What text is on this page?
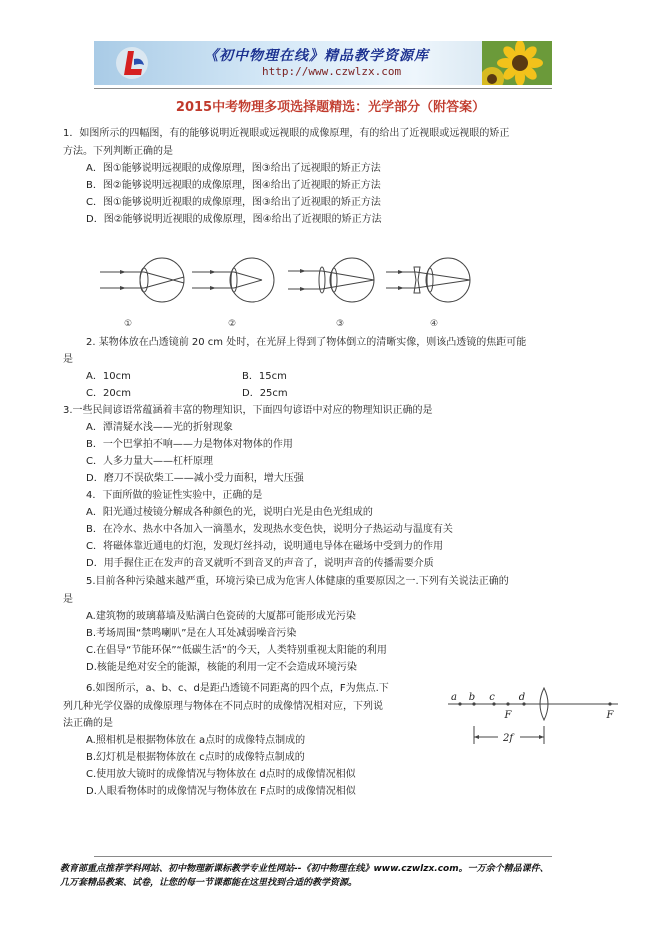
《初中物理在线》精品教学资源库
http://www.czwlzx.com
2015中考物理多项选择题精选：光学部分（附答案）
1．如图所示的四幅图，有的能够说明近视眼或远视眼的成像原理，有的给出了近视眼或远视眼的矫正
方法。下列判断正确的是
A．图①能够说明远视眼的成像原理，图③给出了远视眼的矫正方法
B．图②能够说明远视眼的成像原理，图④给出了近视眼的矫正方法
C．图①能够说明近视眼的成像原理，图③给出了近视眼的矫正方法
D．图②能够说明近视眼的成像原理，图④给出了近视眼的矫正方法
①	②	③	④
2. 某物体放在凸透镜前 20 cm 处时，在光屏上得到了物体倒立的清晰实像，则该凸透镜的焦距可能
是
A．10cm	B．15cm
C．20cm	D．25cm
3.一些民间谚语常蕴涵着丰富的物理知识，下面四句谚语中对应的物理知识正确的是
A．潭清疑水浅——光的折射现象
B．一个巴掌拍不响——力是物体对物体的作用
C．人多力量大——杠杆原理
D．磨刀不误砍柴工——减小受力面积，增大压强
4．下面所做的验证性实验中，正确的是
A．阳光通过棱镜分解成各种颜色的光，说明白光是由色光组成的
B．在冷水、热水中各加入一滴墨水，发现热水变色快，说明分子热运动与温度有关
C．将磁体靠近通电的灯泡，发现灯丝抖动，说明通电导体在磁场中受到力的作用
D．用手握住正在发声的音叉就听不到音叉的声音了，说明声音的传播需要介质
5.目前各种污染越来越严重，环境污染已成为危害人体健康的重要原因之一.下列有关说法正确的
是
A.建筑物的玻璃幕墙及贴满白色瓷砖的大厦都可能形成光污染
B.考场周围“禁鸣喇叭”是在人耳处减弱噪音污染
C.在倡导“节能环保”“低碳生活”的今天，人类特别重视太阳能的利用
D.核能是绝对安全的能源，核能的利用一定不会造成环境污染
6.如图所示，a、b、c、d是距凸透镜不同距离的四个点，F为焦点.下
列几种光学仪器的成像原理与物体在不同点时的成像情况相对应，下列说
法正确的是
A.照相机是根据物体放在 a点时的成像特点制成的
B.幻灯机是根据物体放在 c点时的成像特点制成的
C.使用放大镜时的成像情况与物体放在 d点时的成像情况相似
D.人眼看物体时的成像情况与物体放在 F点时的成像情况相似
a b c d
F	F
2f
教育部重点推荐学科网站、初中物理新课标教学专业性网站--《初中物理在线》www.czwlzx.com。一万余个精品课件、
几万套精品教案、试卷，让您的每一节课都能在这里找到合适的教学资源。
